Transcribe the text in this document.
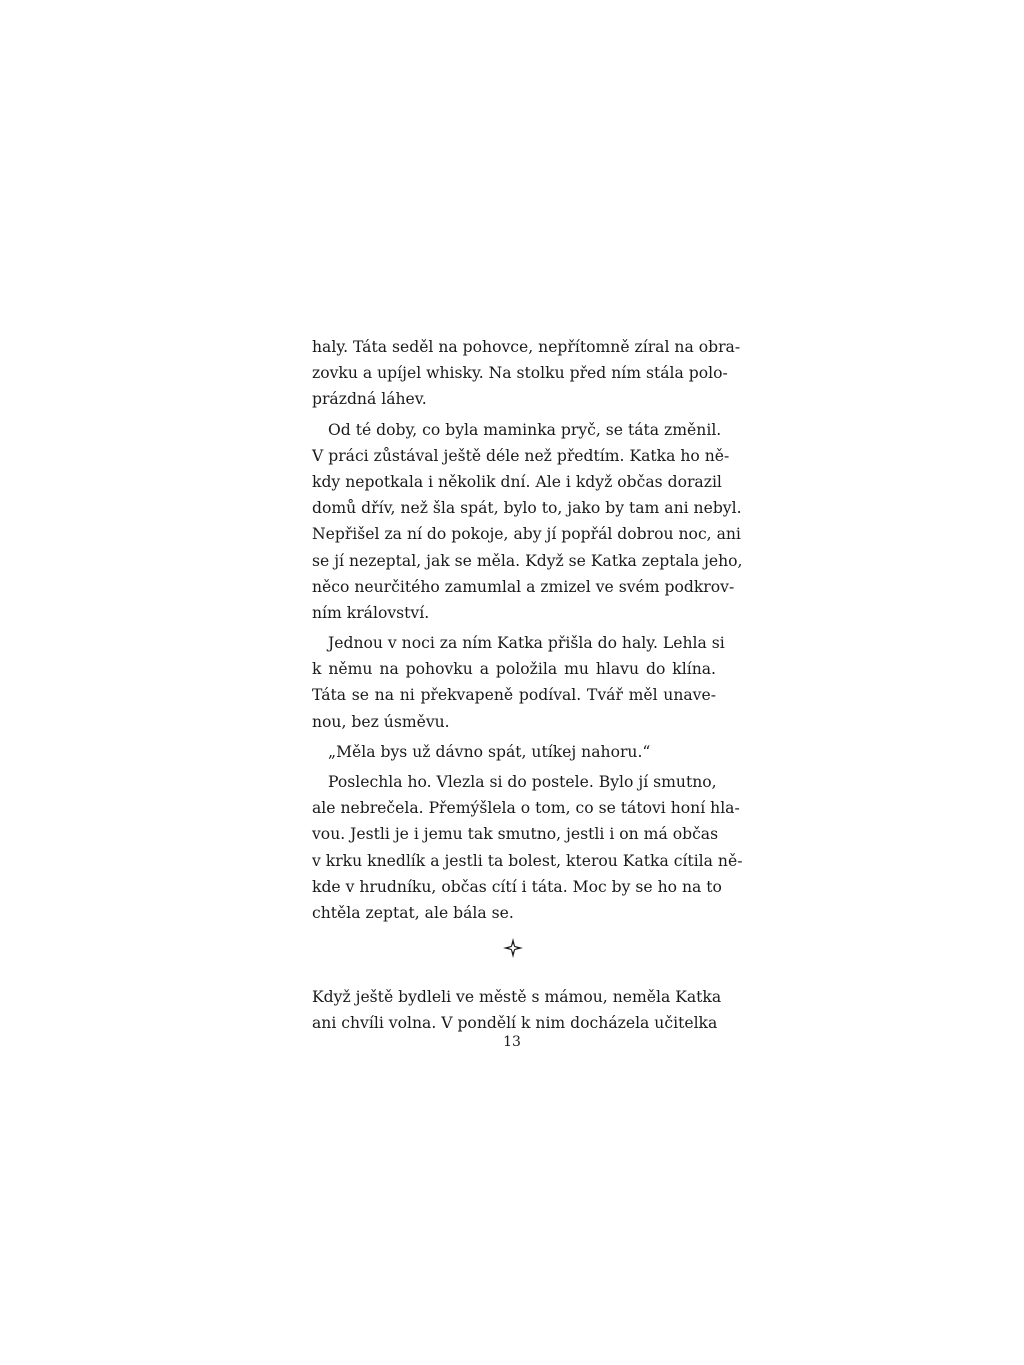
haly. Táta seděl na pohovce, nepřítomně zíral na obra-
zovku a upíjel whisky. Na stolku před ním stála polo-
prázdná láhev.
Od té doby, co byla maminka pryč, se táta změnil.
V práci zůstával ještě déle než předtím. Katka ho ně-
kdy nepotkala i několik dní. Ale i když občas dorazil
domů dřív, než šla spát, bylo to, jako by tam ani nebyl.
Nepřišel za ní do pokoje, aby jí popřál dobrou noc, ani
se jí nezeptal, jak se měla. Když se Katka zeptala jeho,
něco neurčitého zamumlal a zmizel ve svém podkrov-
ním království.
Jednou v noci za ním Katka přišla do haly. Lehla si
k němu na pohovku a položila mu hlavu do klína.
Táta se na ni překvapeně podíval. Tvář měl unave-
nou, bez úsměvu.
„Měla bys už dávno spát, utíkej nahoru.“
Poslechla ho. Vlezla si do postele. Bylo jí smutno,
ale nebrečela. Přemýšlela o tom, co se tátovi honí hla-
vou. Jestli je i jemu tak smutno, jestli i on má občas
v krku knedlík a jestli ta bolest, kterou Katka cítila ně-
kde v hrudníku, občas cítí i táta. Moc by se ho na to
chtěla zeptat, ale bála se.
Když ještě bydleli ve městě s mámou, neměla Katka
ani chvíli volna. V pondělí k nim docházela učitelka
13
